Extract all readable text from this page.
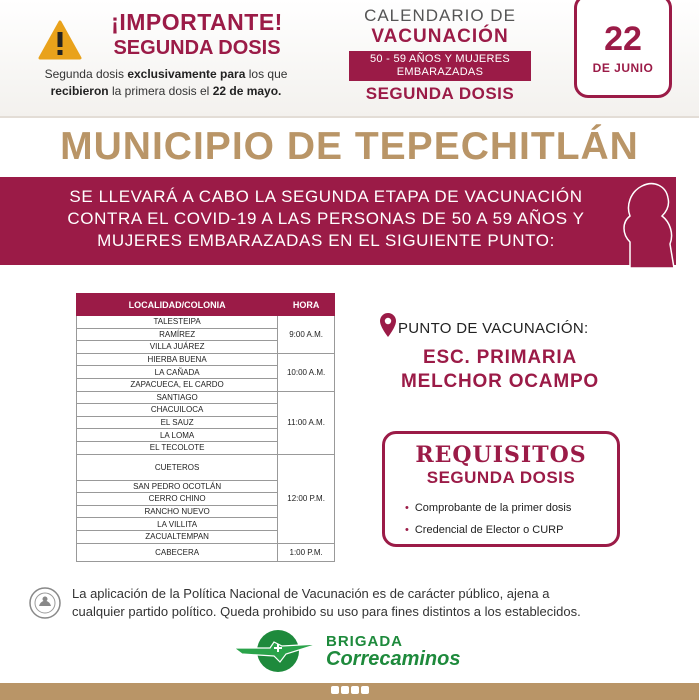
¡IMPORTANTE!
SEGUNDA DOSIS
Segunda dosis exclusivamente para los que
recibieron la primera dosis el 22 de mayo.
CALENDARIO DE
VACUNACIÓN
50 - 59 AÑOS Y MUJERES EMBARAZADAS
SEGUNDA DOSIS
22
DE JUNIO
MUNICIPIO DE TEPECHITLÁN
SE LLEVARÁ A CABO LA SEGUNDA ETAPA DE VACUNACIÓN
CONTRA EL COVID-19 A LAS PERSONAS DE 50 A 59 AÑOS Y
MUJERES EMBARAZADAS EN EL SIGUIENTE PUNTO:
LOCALIDAD/COLONIA	HORA
TALESTEIPA	9:00 A.M.
RAMÍREZ	
VILLA JUÁREZ	
HIERBA BUENA	10:00 A.M.
LA CAÑADA	
ZAPACUECA, EL CARDO	
SANTIAGO	11:00 A.M.
CHACUILOCA	
EL SAUZ	
LA LOMA	
EL TECOLOTE	
CUETEROS	12:00 P.M.
SAN PEDRO OCOTLÁN	
CERRO CHINO	
RANCHO NUEVO	
LA VILLITA	
ZACUALTEMPAN	
CABECERA	1:00 P.M.
PUNTO DE VACUNACIÓN:
ESC. PRIMARIA
MELCHOR OCAMPO
REQUISITOS
SEGUNDA DOSIS
• Comprobante de la primer dosis
• Credencial de Elector o CURP
La aplicación de la Política Nacional de Vacunación es de carácter público, ajena a
cualquier partido político. Queda prohibido su uso para fines distintos a los establecidos.
BRIGADA
Correcaminos
